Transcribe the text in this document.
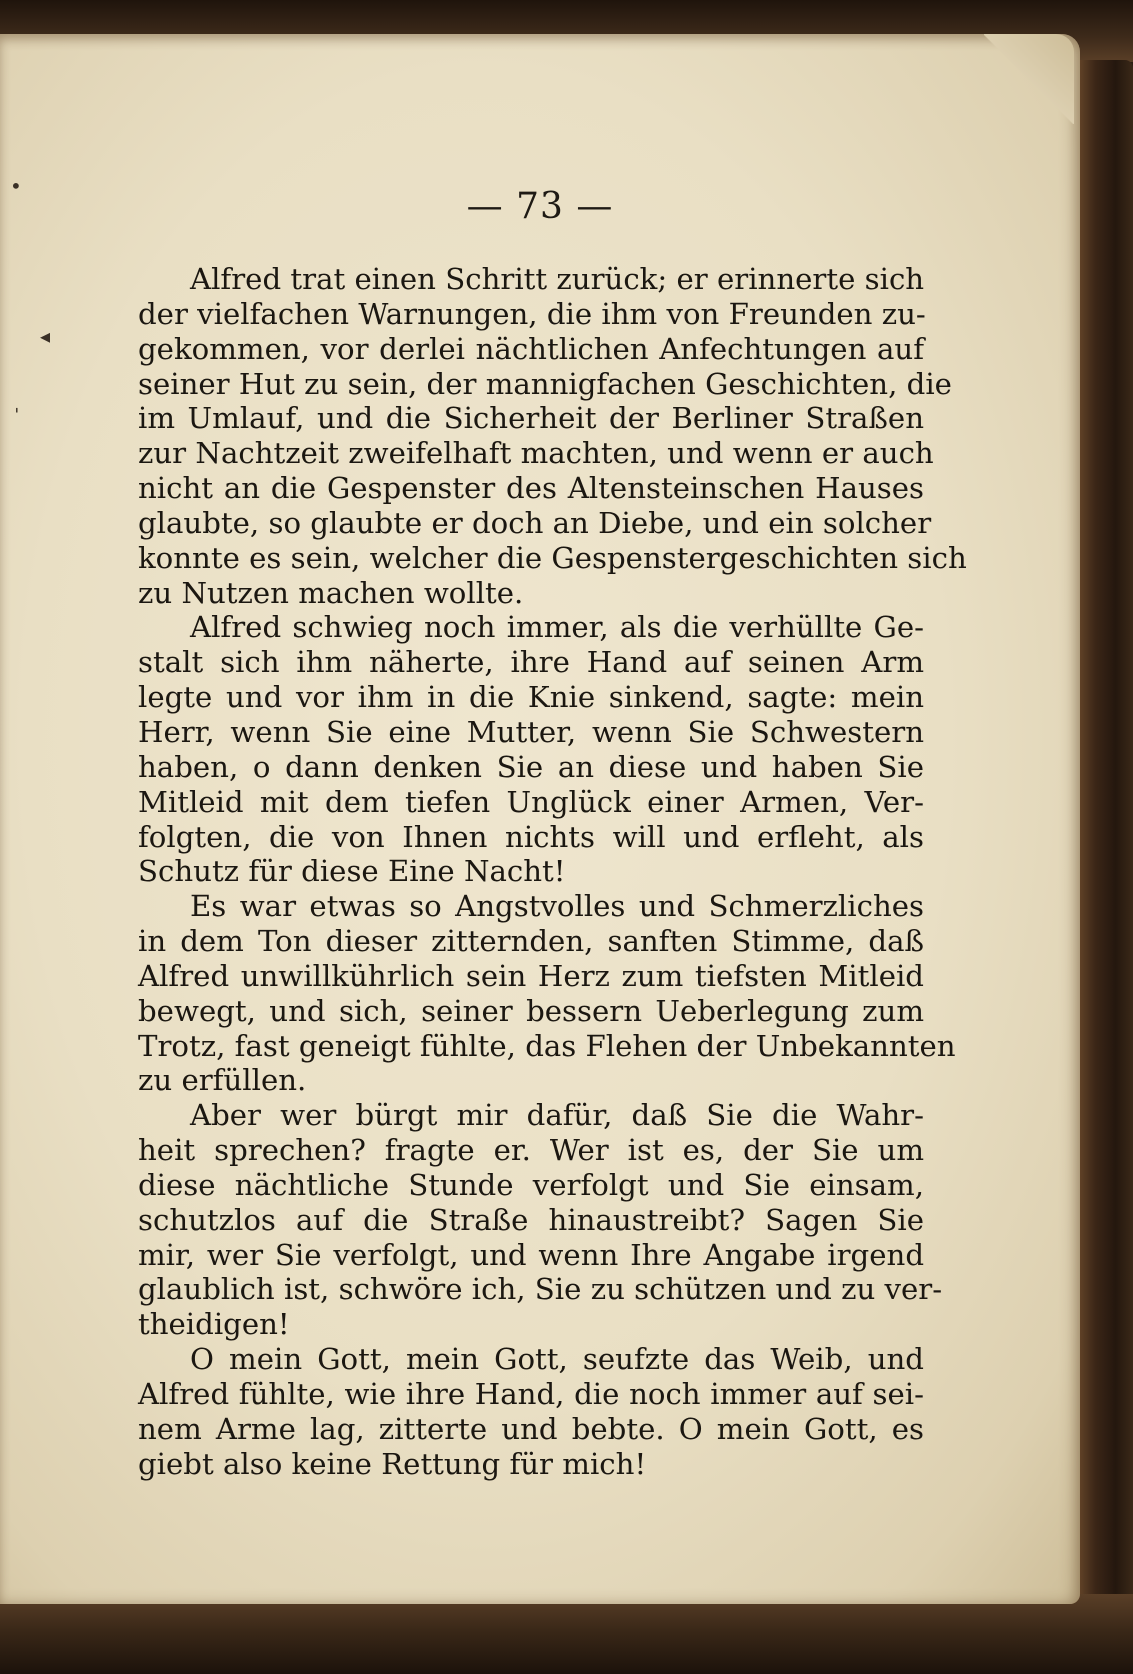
— 73 —
•
◂
ˈ
Alfred trat einen Schritt zurück; er erinnerte sich
der vielfachen Warnungen, die ihm von Freunden zu-
gekommen, vor derlei nächtlichen Anfechtungen auf
seiner Hut zu sein, der mannigfachen Geschichten, die
im Umlauf, und die Sicherheit der Berliner Straßen
zur Nachtzeit zweifelhaft machten, und wenn er auch
nicht an die Gespenster des Altensteinschen Hauses
glaubte, so glaubte er doch an Diebe, und ein solcher
konnte es sein, welcher die Gespenstergeschichten sich
zu Nutzen machen wollte.
Alfred schwieg noch immer, als die verhüllte Ge-
stalt sich ihm näherte, ihre Hand auf seinen Arm
legte und vor ihm in die Knie sinkend, sagte: mein
Herr, wenn Sie eine Mutter, wenn Sie Schwestern
haben, o dann denken Sie an diese und haben Sie
Mitleid mit dem tiefen Unglück einer Armen, Ver-
folgten, die von Ihnen nichts will und erfleht, als
Schutz für diese Eine Nacht!
Es war etwas so Angstvolles und Schmerzliches
in dem Ton dieser zitternden, sanften Stimme, daß
Alfred unwillkührlich sein Herz zum tiefsten Mitleid
bewegt, und sich, seiner bessern Ueberlegung zum
Trotz, fast geneigt fühlte, das Flehen der Unbekannten
zu erfüllen.
Aber wer bürgt mir dafür, daß Sie die Wahr-
heit sprechen? fragte er. Wer ist es, der Sie um
diese nächtliche Stunde verfolgt und Sie einsam,
schutzlos auf die Straße hinaustreibt? Sagen Sie
mir, wer Sie verfolgt, und wenn Ihre Angabe irgend
glaublich ist, schwöre ich, Sie zu schützen und zu ver-
theidigen!
O mein Gott, mein Gott, seufzte das Weib, und
Alfred fühlte, wie ihre Hand, die noch immer auf sei-
nem Arme lag, zitterte und bebte. O mein Gott, es
giebt also keine Rettung für mich!
